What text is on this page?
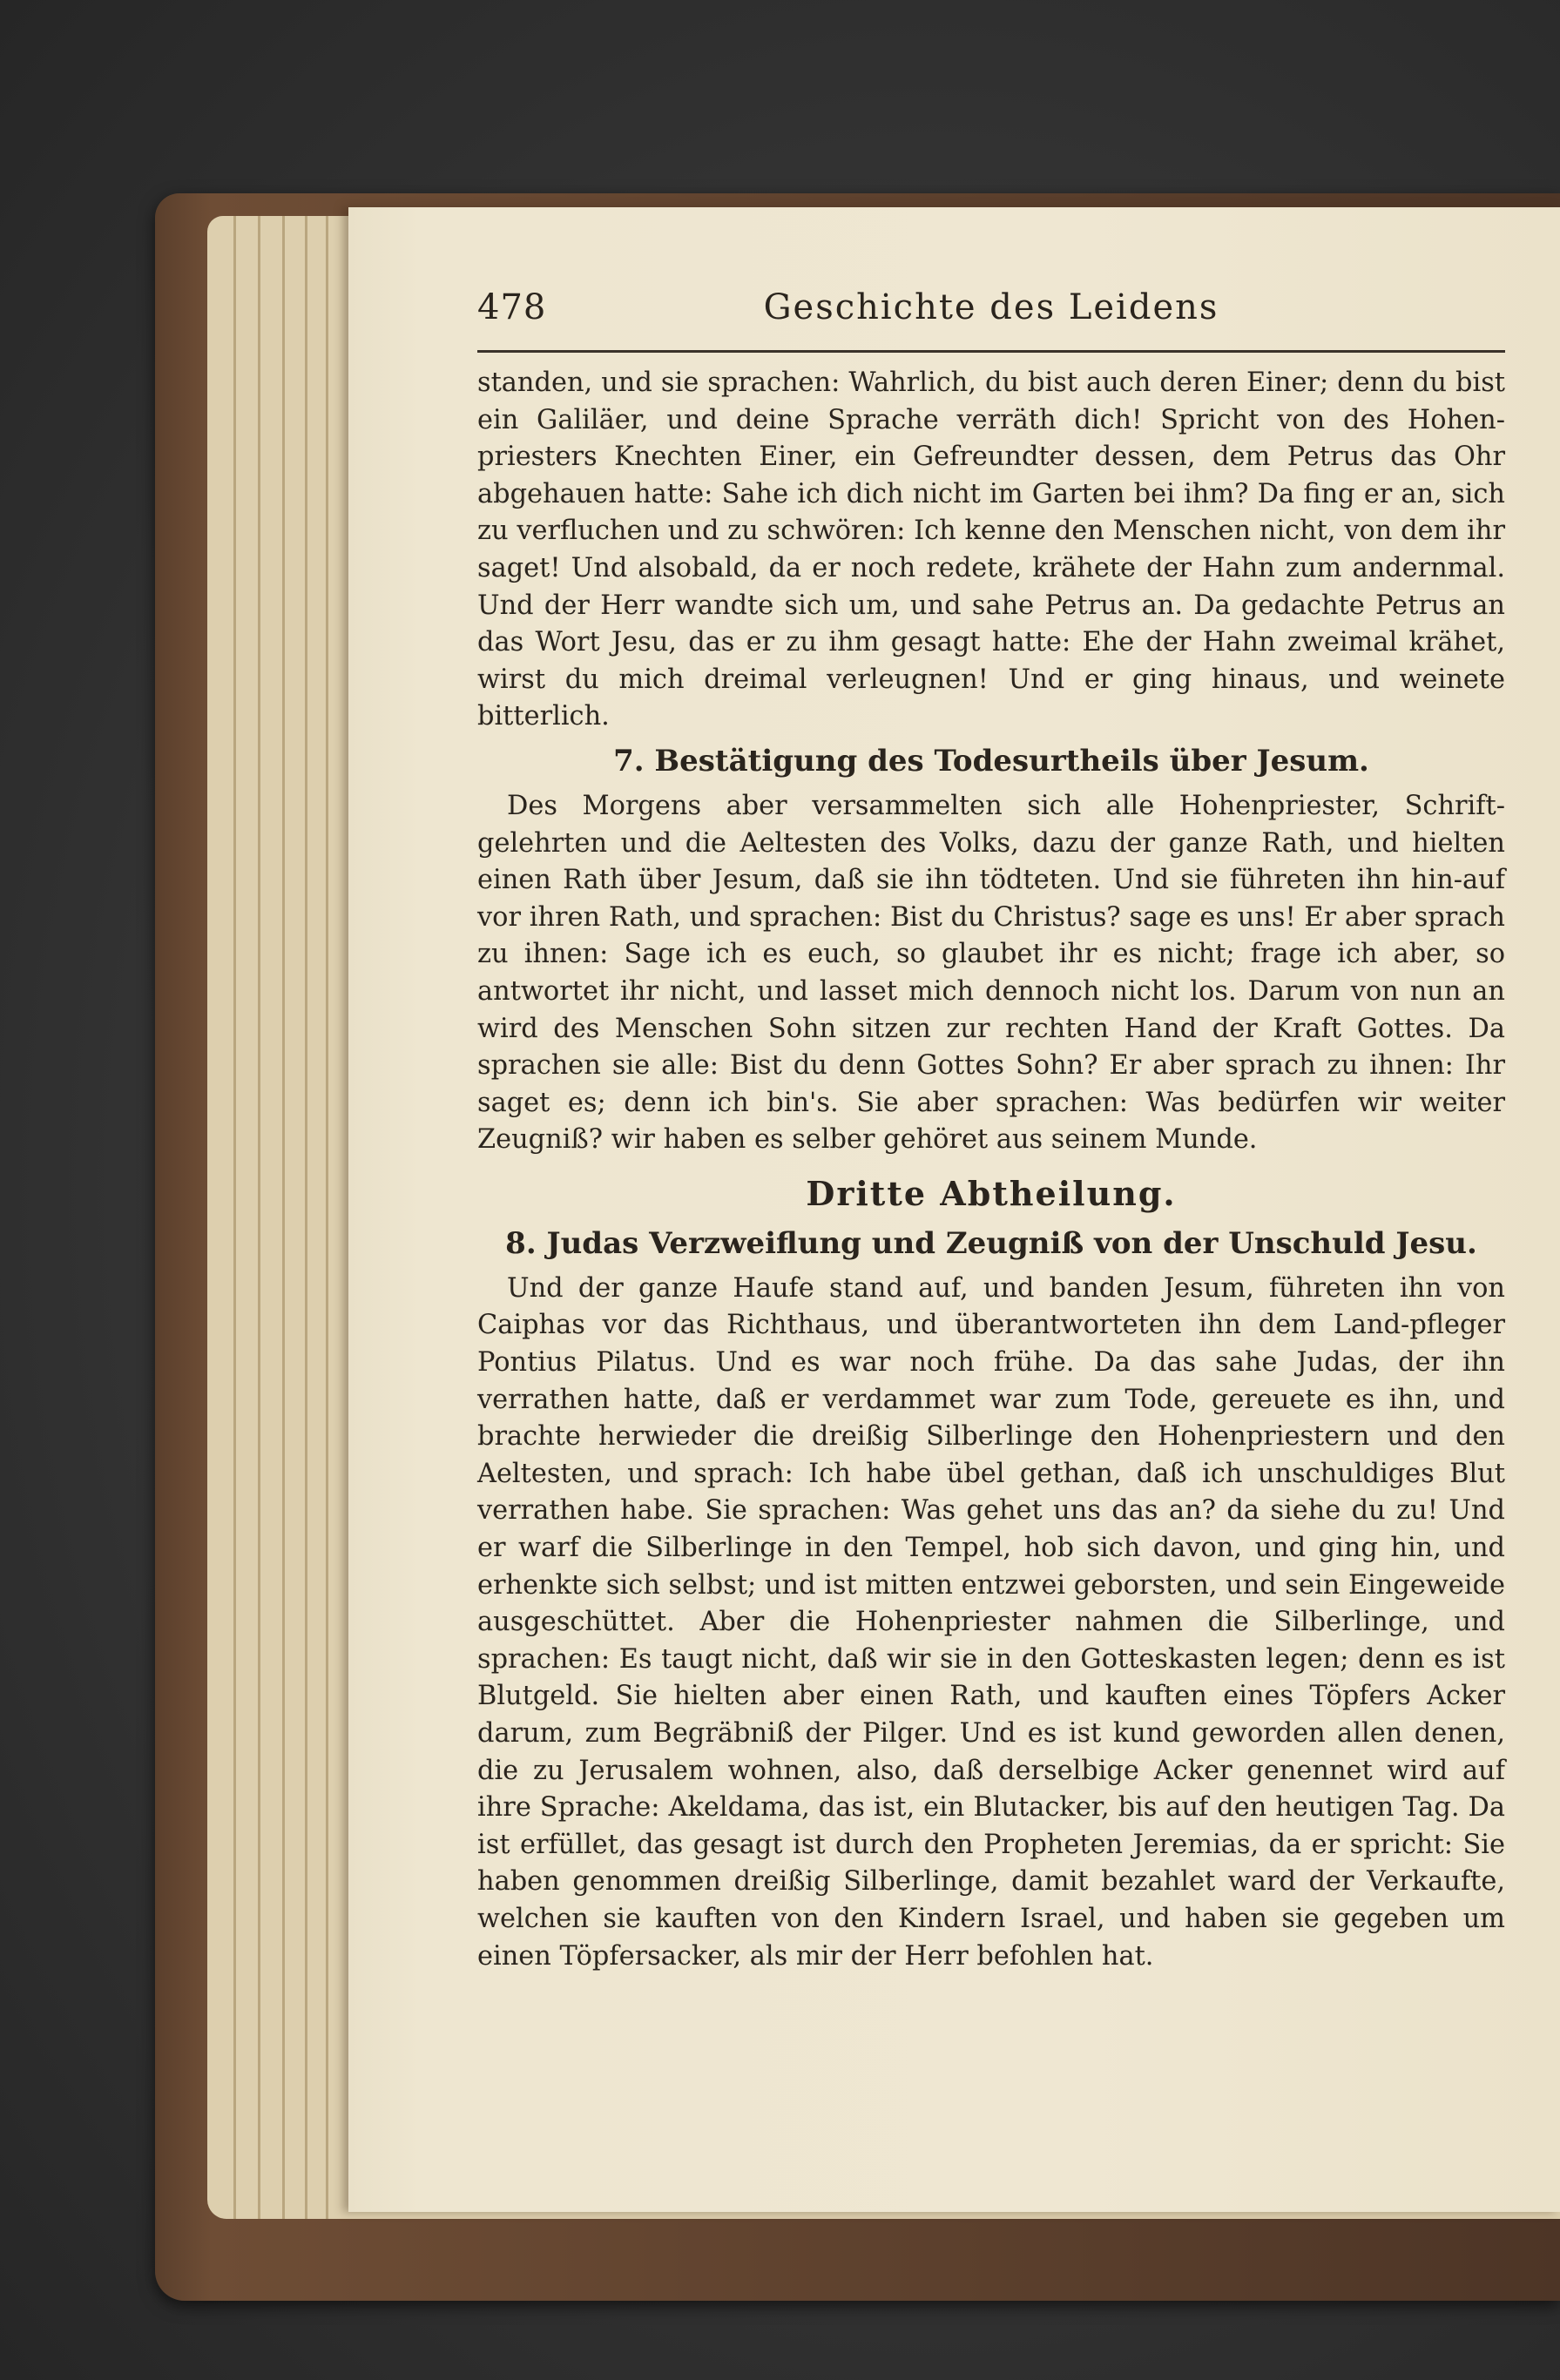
478	Geschichte des Leidens

standen, und sie sprachen: Wahrlich, du bist auch deren Einer; denn du bist ein Galiläer, und deine Sprache verräth dich! Spricht von des Hohen-priesters Knechten Einer, ein Gefreundter dessen, dem Petrus das Ohr abgehauen hatte: Sahe ich dich nicht im Garten bei ihm? Da fing er an, sich zu verfluchen und zu schwören: Ich kenne den Menschen nicht, von dem ihr saget! Und alsobald, da er noch redete, krähete der Hahn zum andernmal. Und der Herr wandte sich um, und sahe Petrus an. Da gedachte Petrus an das Wort Jesu, das er zu ihm gesagt hatte: Ehe der Hahn zweimal krähet, wirst du mich dreimal verleugnen! Und er ging hinaus, und weinete bitterlich.

7. Bestätigung des Todesurtheils über Jesum.

Des Morgens aber versammelten sich alle Hohenpriester, Schrift-gelehrten und die Aeltesten des Volks, dazu der ganze Rath, und hielten einen Rath über Jesum, daß sie ihn tödteten. Und sie führeten ihn hin-auf vor ihren Rath, und sprachen: Bist du Christus? sage es uns! Er aber sprach zu ihnen: Sage ich es euch, so glaubet ihr es nicht; frage ich aber, so antwortet ihr nicht, und lasset mich dennoch nicht los. Darum von nun an wird des Menschen Sohn sitzen zur rechten Hand der Kraft Gottes. Da sprachen sie alle: Bist du denn Gottes Sohn? Er aber sprach zu ihnen: Ihr saget es; denn ich bin's. Sie aber sprachen: Was bedürfen wir weiter Zeugniß? wir haben es selber gehöret aus seinem Munde.

Dritte Abtheilung.
8. Judas Verzweiflung und Zeugniß von der Unschuld Jesu.

Und der ganze Haufe stand auf, und banden Jesum, führeten ihn von Caiphas vor das Richthaus, und überantworteten ihn dem Land-pfleger Pontius Pilatus. Und es war noch frühe. Da das sahe Judas, der ihn verrathen hatte, daß er verdammet war zum Tode, gereuete es ihn, und brachte herwieder die dreißig Silberlinge den Hohenpriestern und den Aeltesten, und sprach: Ich habe übel gethan, daß ich unschuldiges Blut verrathen habe. Sie sprachen: Was gehet uns das an? da siehe du zu! Und er warf die Silberlinge in den Tempel, hob sich davon, und ging hin, und erhenkte sich selbst; und ist mitten entzwei geborsten, und sein Eingeweide ausgeschüttet. Aber die Hohenpriester nahmen die Silberlinge, und sprachen: Es taugt nicht, daß wir sie in den Gotteskasten legen; denn es ist Blutgeld. Sie hielten aber einen Rath, und kauften eines Töpfers Acker darum, zum Begräbniß der Pilger. Und es ist kund geworden allen denen, die zu Jerusalem wohnen, also, daß derselbige Acker genennet wird auf ihre Sprache: Akeldama, das ist, ein Blutacker, bis auf den heutigen Tag. Da ist erfüllet, das gesagt ist durch den Propheten Jeremias, da er spricht: Sie haben genommen dreißig Silberlinge, damit bezahlet ward der Verkaufte, welchen sie kauften von den Kindern Israel, und haben sie gegeben um einen Töpfersacker, als mir der Herr befohlen hat.
